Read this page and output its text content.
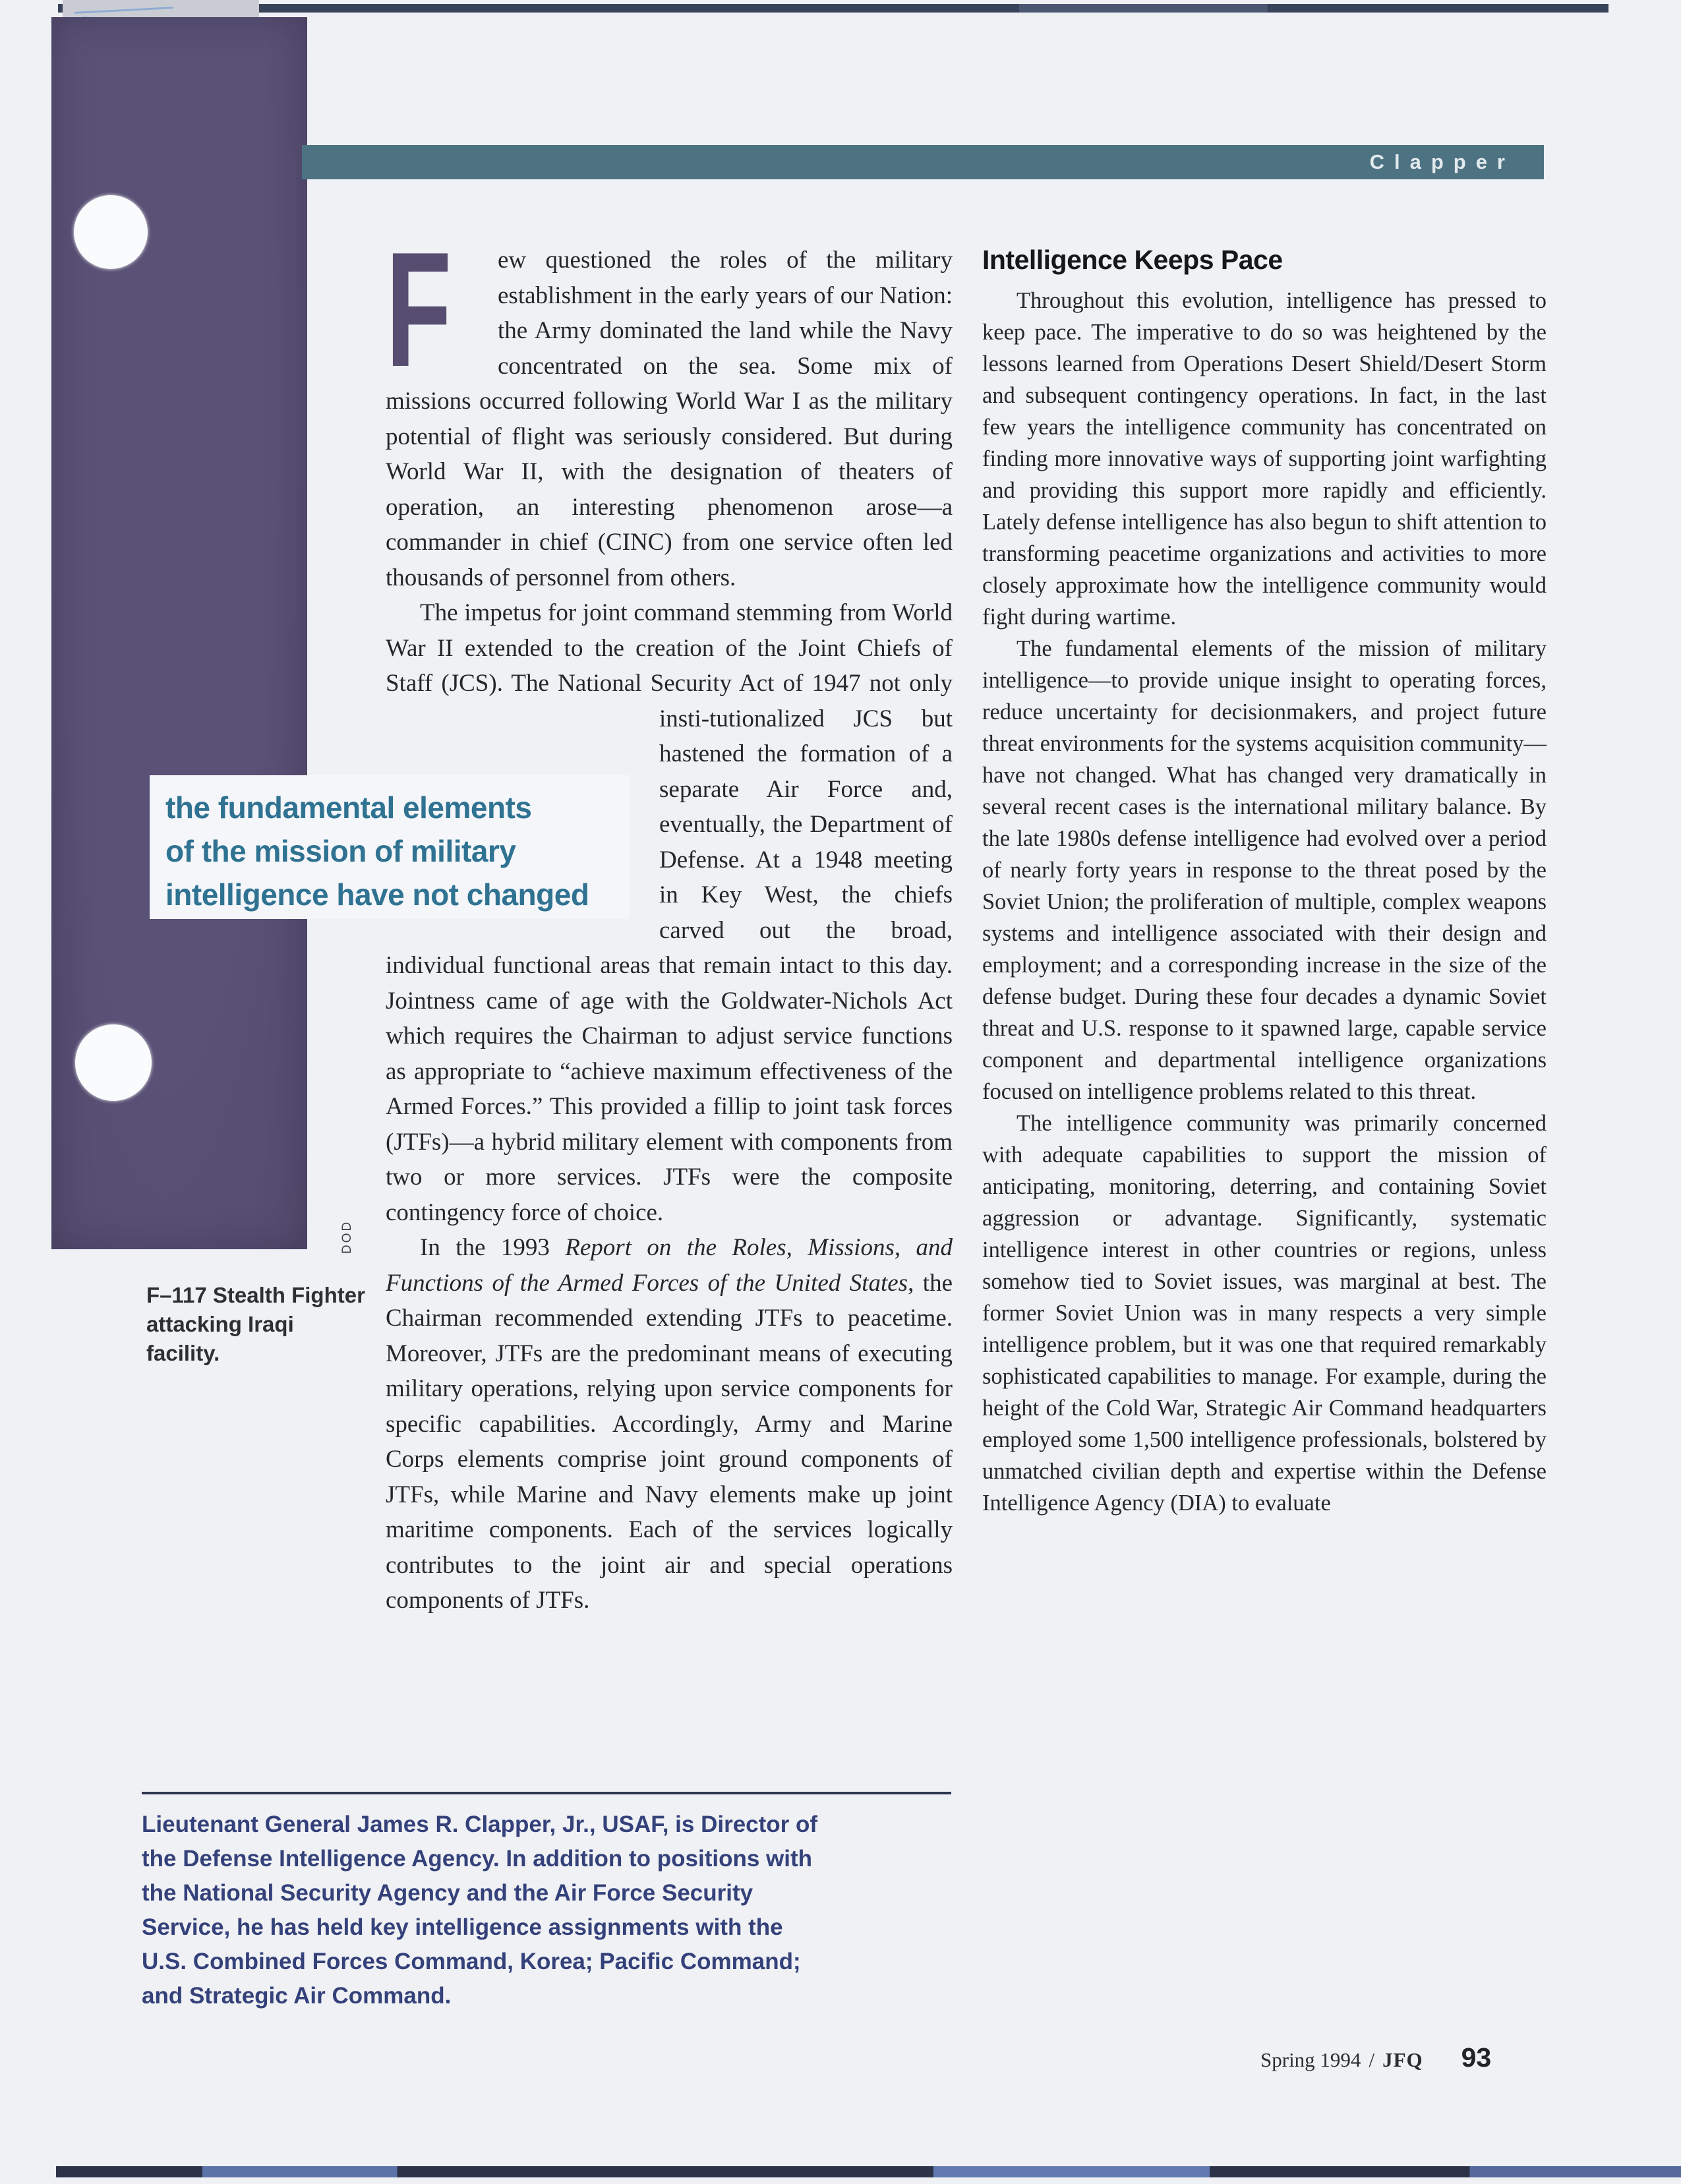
Clapper
the fundamental elements
of the mission of military
intelligence have not changed
DOD
F–117 Stealth Fighter
attacking Iraqi facility.

F	ew questioned the roles of the military establishment in the early years of our Nation: the Army dominated the land while the Navy concentrated on the sea. Some mix of missions occurred following World War I as the military potential of flight was seriously considered. But during World War II, with the designation of theaters of operation, an interesting phenomenon arose—a commander in chief (CINC) from one service often led thousands of personnel from others.

The impetus for joint command stemming from World War II extended to the creation of the Joint Chiefs of Staff (JCS). The National Security Act of 1947 not only insti-
tutionalized JCS but hastened the formation of a separate Air Force and, eventually, the Department of Defense. At a 1948 meeting in Key West, the chiefs carved out the broad, individual functional areas that remain intact to this day. Jointness came of age with the Goldwater-Nichols Act which requires the Chairman to adjust service functions as appropriate to “achieve maximum effectiveness of the Armed Forces.” This provided a fillip to joint task forces (JTFs)—a hybrid military element with components from two or more services. JTFs were the composite contingency force of choice.

In the 1993 Report on the Roles, Missions, and Functions of the Armed Forces of the United States, the Chairman recommended extending JTFs to peacetime. Moreover, JTFs are the predominant means of executing military operations, relying upon service components for specific capabilities. Accordingly, Army and Marine Corps elements comprise joint ground components of JTFs, while Marine and Navy elements make up joint maritime components. Each of the services logically contributes to the joint air and special operations components of JTFs.

Intelligence Keeps Pace

Throughout this evolution, intelligence has pressed to keep pace. The imperative to do so was heightened by the lessons learned from Operations Desert Shield/Desert Storm and subsequent contingency operations. In fact, in the last few years the intelligence community has concentrated on finding more innovative ways of supporting joint warfighting and providing this support more rapidly and efficiently. Lately defense intelligence has also begun to shift attention to transforming peacetime organizations and activities to more closely approximate how the intelligence community would fight during wartime.

The fundamental elements of the mission of military intelligence—to provide unique insight to operating forces, reduce uncertainty for decisionmakers, and project future threat environments for the systems acquisition community—have not changed. What has changed very dramatically in several recent cases is the international military balance. By the late 1980s defense intelligence had evolved over a period of nearly forty years in response to the threat posed by the Soviet Union; the proliferation of multiple, complex weapons systems and intelligence associated with their design and employment; and a corresponding increase in the size of the defense budget. During these four decades a dynamic Soviet threat and U.S. response to it spawned large, capable service component and departmental intelligence organizations focused on intelligence problems related to this threat.

The intelligence community was primarily concerned with adequate capabilities to support the mission of anticipating, monitoring, deterring, and containing Soviet aggression or advantage. Significantly, systematic intelligence interest in other countries or regions, unless somehow tied to Soviet issues, was marginal at best. The former Soviet Union was in many respects a very simple intelligence problem, but it was one that required remarkably sophisticated capabilities to manage. For example, during the height of the Cold War, Strategic Air Command headquarters employed some 1,500 intelligence professionals, bolstered by unmatched civilian depth and expertise within the Defense Intelligence Agency (DIA) to evaluate

Lieutenant General James R. Clapper, Jr., USAF, is Director of the Defense Intelligence Agency. In addition to positions with the National Security Agency and the Air Force Security Service, he has held key intelligence assignments with the U.S. Combined Forces Command, Korea; Pacific Command; and Strategic Air Command.
Spring 1994 / JFQ 93
